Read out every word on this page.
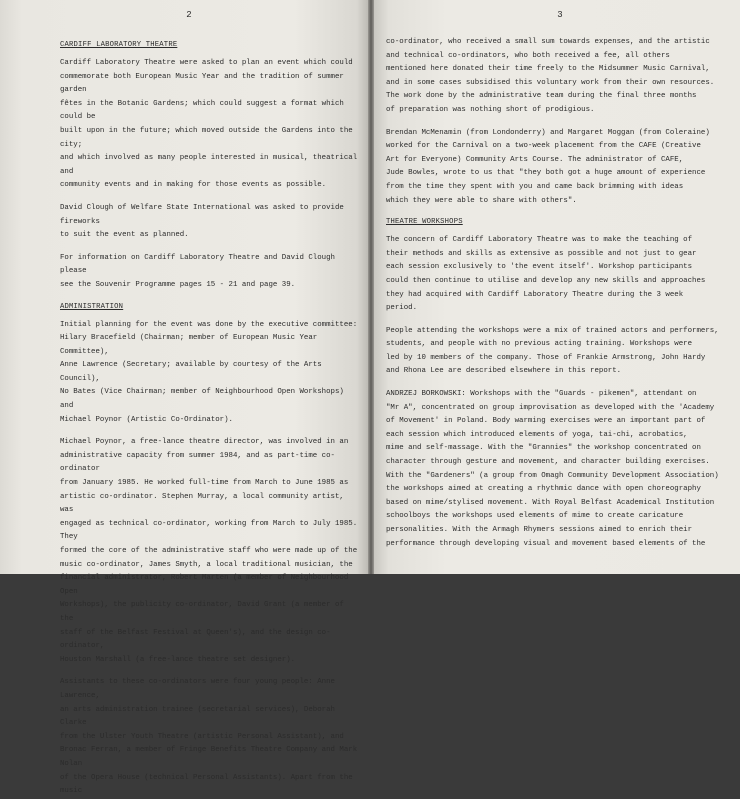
2
CARDIFF LABORATORY THEATRE

Cardiff Laboratory Theatre were asked to plan an event which could
commemorate both European Music Year and the tradition of summer garden
fêtes in the Botanic Gardens; which could suggest a format which could be
built upon in the future; which moved outside the Gardens into the city;
and which involved as many people interested in musical, theatrical and
community events and in making for those events as possible.

David Clough of Welfare State International was asked to provide fireworks
to suit the event as planned.

For information on Cardiff Laboratory Theatre and David Clough please
see the Souvenir Programme pages 15 - 21 and page 39.

ADMINISTRATION

Initial planning for the event was done by the executive committee:
Hilary Bracefield (Chairman; member of European Music Year Committee),
Anne Lawrence (Secretary; available by courtesy of the Arts Council),
No Bates (Vice Chairman; member of Neighbourhood Open Workshops) and
Michael Poynor (Artistic Co-Ordinator).

Michael Poynor, a free-lance theatre director, was involved in an
administrative capacity from summer 1984, and as part-time co-ordinator
from January 1985. He worked full-time from March to June 1985 as
artistic co-ordinator. Stephen Murray, a local community artist, was
engaged as technical co-ordinator, working from March to July 1985. They
formed the core of the administrative staff who were made up of the
music co-ordinator, James Smyth, a local traditional musician, the
financial administrator, Robert Marten (a member of Neighbourhood Open
Workshops), the publicity co-ordinator, David Grant (a member of the
staff of the Belfast Festival at Queen's), and the design co-ordinator,
Houston Marshall (a free-lance theatre set designer).

Assistants to these co-ordinators were four young people: Anne Lawrence,
an arts administration trainee (secretarial services), Deborah Clarke
from the Ulster Youth Theatre (artistic Personal Assistant), and
Bronac Ferran, a member of Fringe Benefits Theatre Company and Mark Nolan
of the Opera House (technical Personal Assistants). Apart from the music

3

co-ordinator, who received a small sum towards expenses, and the artistic
and technical co-ordinators, who both received a fee, all others
mentioned here donated their time freely to the Midsummer Music Carnival,
and in some cases subsidised this voluntary work from their own resources.
The work done by the administrative team during the final three months
of preparation was nothing short of prodigious.

Brendan McMenamin (from Londonderry) and Margaret Moggan (from Coleraine)
worked for the Carnival on a two-week placement from the CAFE (Creative
Art for Everyone) Community Arts Course. The administrator of CAFE,
Jude Bowles, wrote to us that "they both got a huge amount of experience
from the time they spent with you and came back brimming with ideas
which they were able to share with others".

THEATRE WORKSHOPS

The concern of Cardiff Laboratory Theatre was to make the teaching of
their methods and skills as extensive as possible and not just to gear
each session exclusively to 'the event itself'. Workshop participants
could then continue to utilise and develop any new skills and approaches
they had acquired with Cardiff Laboratory Theatre during the 3 week
period.

People attending the workshops were a mix of trained actors and performers,
students, and people with no previous acting training. Workshops were
led by 10 members of the company. Those of Frankie Armstrong, John Hardy
and Rhona Lee are described elsewhere in this report.

ANDRZEJ BORKOWSKI: Workshops with the "Guards - pikemen", attendant on
"Mr A", concentrated on group improvisation as developed with the 'Academy
of Movement' in Poland. Body warming exercises were an important part of
each session which introduced elements of yoga, tai-chi, acrobatics,
mime and self-massage. With the "Grannies" the workshop concentrated on
character through gesture and movement, and character building exercises.
With the "Gardeners" (a group from Omagh Community Development Association)
the workshops aimed at creating a rhythmic dance with open choreography
based on mime/stylised movement. With Royal Belfast Academical Institution
schoolboys the workshops used elements of mime to create caricature
personalities. With the Armagh Rhymers sessions aimed to enrich their
performance through developing visual and movement based elements of the
